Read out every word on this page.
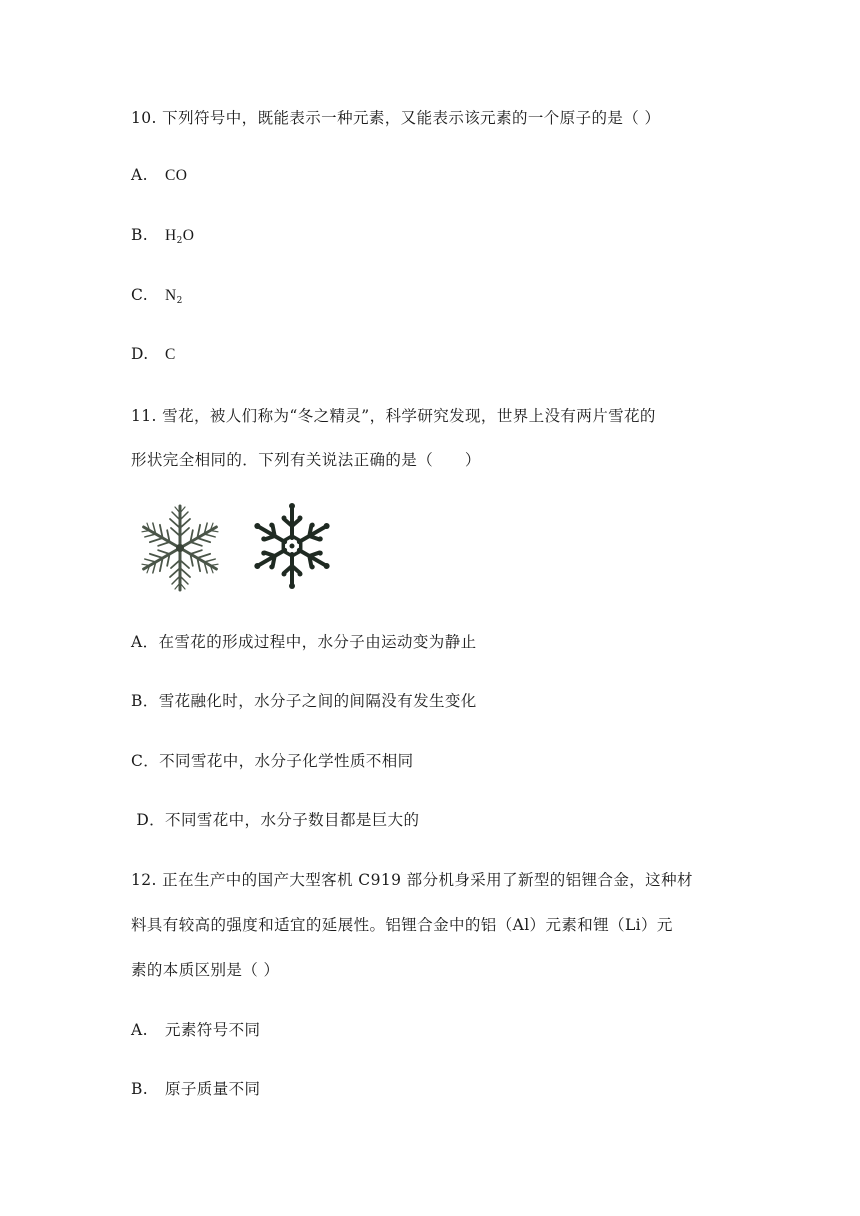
10. 下列符号中，既能表示一种元素，又能表示该元素的一个原子的是（ ）
A. CO
B. $H_2O$
C. $N_2$
D. C
11. 雪花，被人们称为“冬之精灵”，科学研究发现，世界上没有两片雪花的
形状完全相同的．下列有关说法正确的是（　　）
A．在雪花的形成过程中，水分子由运动变为静止
B．雪花融化时，水分子之间的间隔没有发生变化
C．不同雪花中，水分子化学性质不相同
D．不同雪花中，水分子数目都是巨大的
12. 正在生产中的国产大型客机 C919 部分机身采用了新型的铝锂合金，这种材
料具有较高的强度和适宜的延展性。铝锂合金中的铝（Al）元素和锂（Li）元
素的本质区别是（ ）
A. 元素符号不同
B. 原子质量不同
